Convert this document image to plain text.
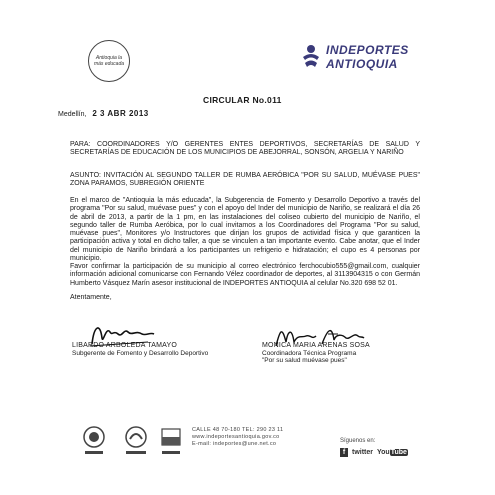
Antioquia la más educada
INDEPORTES
ANTIOQUIA
CIRCULAR No.011
Medellín, 2 3 ABR 2013
PARA: COORDINADORES Y/O GERENTES ENTES DEPORTIVOS, SECRETARÍAS DE SALUD Y SECRETARÍAS DE EDUCACIÓN DE LOS MUNICIPIOS DE ABEJORRAL, SONSÓN, ARGELIA Y NARIÑO
ASUNTO: INVITACIÓN AL SEGUNDO TALLER DE RUMBA AERÓBICA "POR SU SALUD, MUÉVASE PUES" ZONA PARAMOS, SUBREGIÓN ORIENTE
En el marco de "Antioquia la más educada", la Subgerencia de Fomento y Desarrollo Deportivo a través del programa "Por su salud, muévase pues" y con el apoyo del Inder del municipio de Nariño, se realizará el día 26 de abril de 2013, a partir de la 1 pm, en las instalaciones del coliseo cubierto del municipio de Nariño, el segundo taller de Rumba Aeróbica, por lo cual invitamos a los Coordinadores del Programa "Por su salud, muévase pues", Monitores y/o Instructores que dirijan los grupos de actividad física y que garanticen la participación activa y total en dicho taller, a que se vinculen a tan importante evento. Cabe anotar, que el Inder del municipio de Nariño brindará a los participantes un refrigerio e hidratación; el cupo es 4 personas por municipio.
Favor confirmar la participación de su municipio al correo electrónico ferchocubio555@gmail.com, cualquier información adicional comunicarse con Fernando Vélez coordinador de deportes, al 3113904315 o con Germán Humberto Vásquez Marín asesor institucional de INDEPORTES ANTIOQUIA al celular No.320 698 52 01.
Atentamente,
LIBARDO ARBOLEDA TAMAYO
Subgerente de Fomento y Desarrollo Deportivo
MONICA MARIA ARENAS SOSA
Coordinadora Técnica Programa
"Por su salud muévase pues"
CALLE 48 70-180 TEL: 290 23 11
www.indeportesantioquia.gov.co
E-mail: indeportes@une.net.co	Síguenos en:
f twitter YouTube
